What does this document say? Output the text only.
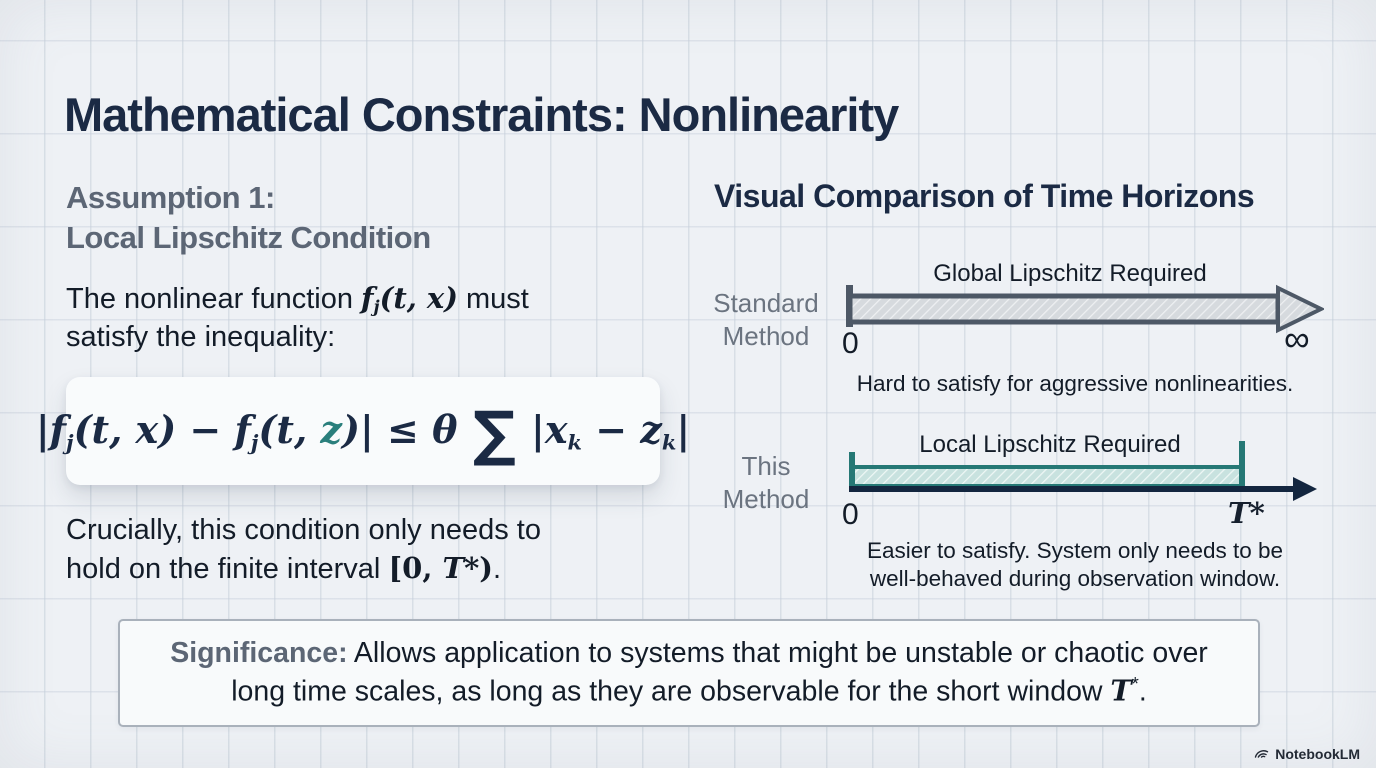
Mathematical Constraints: Nonlinearity
Assumption 1:
Local Lipschitz Condition
The nonlinear function fj(t, x) must
satisfy the inequality:
$|f_j(t$, $x) - f_j(t$, z)| ≤ θ ∑ $|x_k - z_k|$
Crucially, this condition only needs to
hold on the finite interval [0, T*).
Visual Comparison of Time Horizons
Standard
Method
Global Lipschitz Required
0	∞
Hard to satisfy for aggressive nonlinearities.
This
Method
Local Lipschitz Required
0	T*
Easier to satisfy. System only needs to be
well-behaved during observation window.
Significance: Allows application to systems that might be unstable or chaotic over long time scales, as long as they are observable for the short window T*.
NotebookLM
